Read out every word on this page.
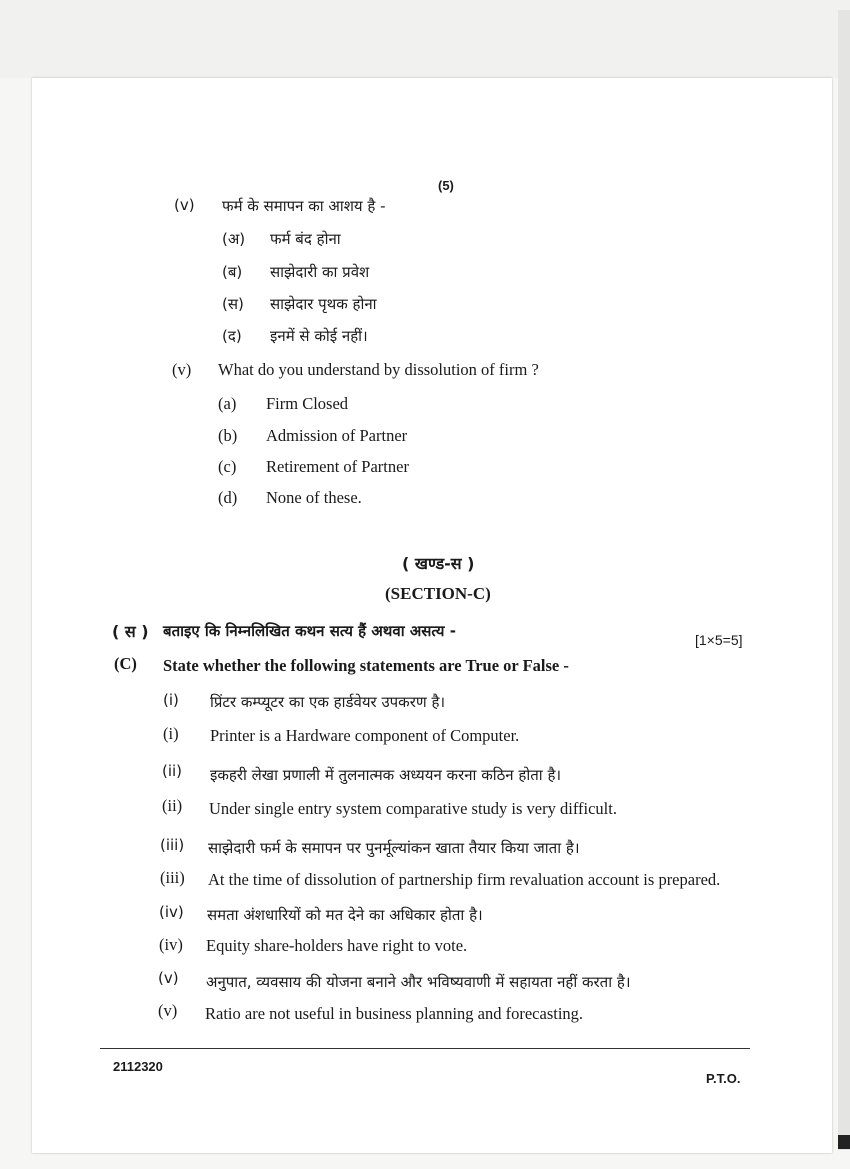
(5)
(v) फर्म के समापन का आशय है -
(अ) फर्म बंद होना
(ब) साझेदारी का प्रवेश
(स) साझेदार पृथक होना
(द) इनमें से कोई नहीं।
(v) What do you understand by dissolution of firm ?
(a) Firm Closed
(b) Admission of Partner
(c) Retirement of Partner
(d) None of these.
( खण्ड-स )
(SECTION-C)
( स ) बताइए कि निम्नलिखित कथन सत्य हैं अथवा असत्य -	[1×5=5]
(C) State whether the following statements are True or False -
(i) प्रिंटर कम्प्यूटर का एक हार्डवेयर उपकरण है।
(i) Printer is a Hardware component of Computer.
(ii) इकहरी लेखा प्रणाली में तुलनात्मक अध्ययन करना कठिन होता है।
(ii) Under single entry system comparative study is very difficult.
(iii) साझेदारी फर्म के समापन पर पुनर्मूल्यांकन खाता तैयार किया जाता है।
(iii) At the time of dissolution of partnership firm revaluation account is prepared.
(iv) समता अंशधारियों को मत देने का अधिकार होता है।
(iv) Equity share-holders have right to vote.
(v) अनुपात, व्यवसाय की योजना बनाने और भविष्यवाणी में सहायता नहीं करता है।
(v) Ratio are not useful in business planning and forecasting.
2112320
P.T.O.
